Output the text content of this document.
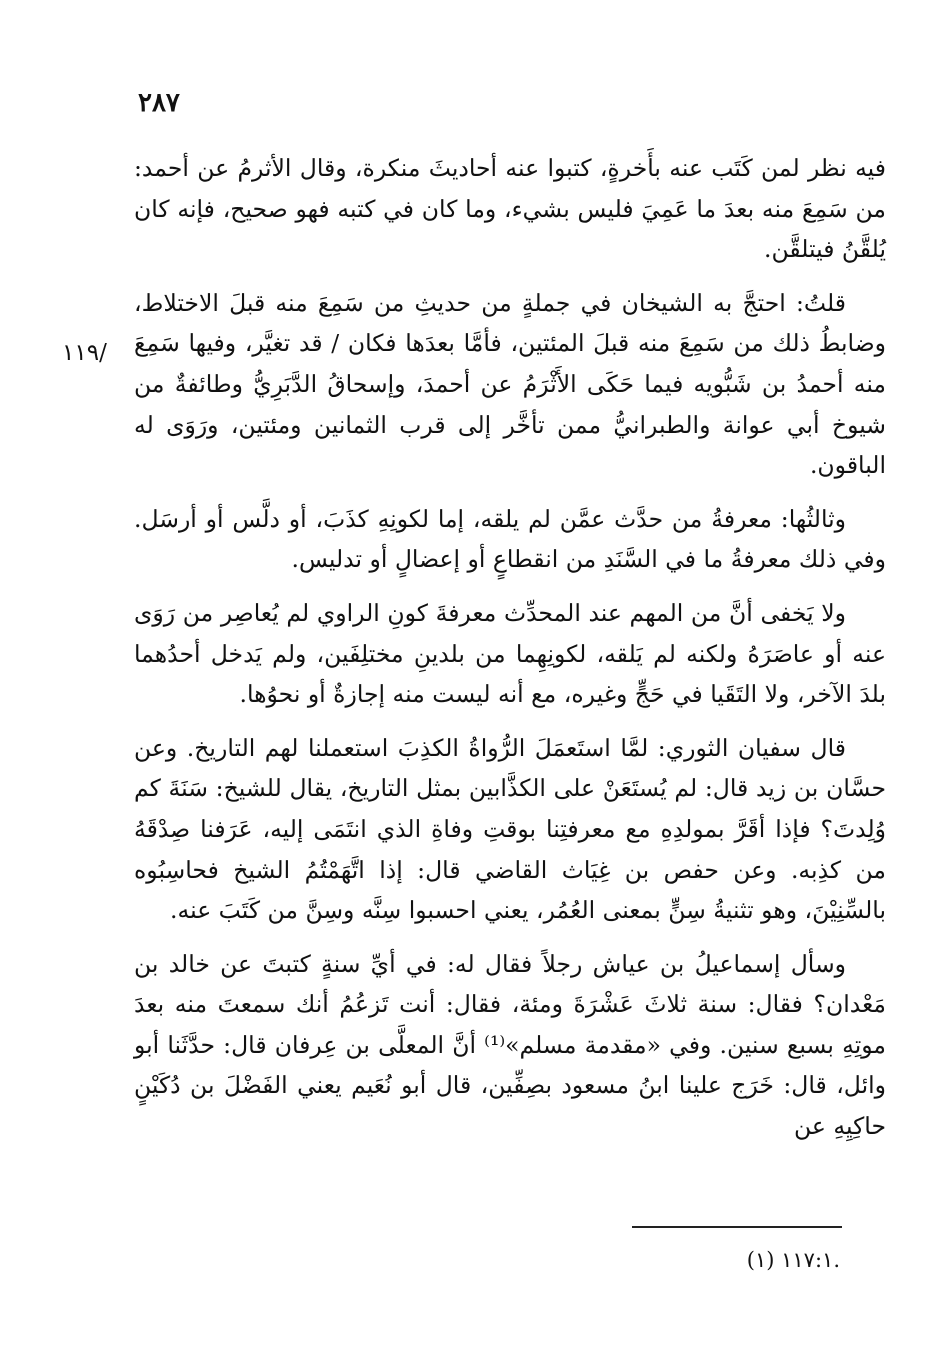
٢٨٧
/١١٩

فيه نظر لمن كَتَب عنه بأَخرةٍ، كتبوا عنه أحاديثَ منكرة، وقال الأثرمُ عن أحمد: من سَمِعَ منه بعدَ ما عَمِيَ فليس بشيء، وما كان في كتبه فهو صحيح، فإنه كان يُلقَّنُ فيتلقَّن.

قلتُ: احتجَّ به الشيخان في جملةٍ من حديثِ من سَمِعَ منه قبلَ الاختلاط، وضابطُ ذلك من سَمِعَ منه قبلَ المئتين، فأمَّا بعدَها فكان / قد تغيَّر، وفيها سَمِعَ منه أحمدُ بن شَبُّويه فيما حَكَى الأَثْرَمُ عن أحمدَ، وإسحاقُ الدَّبَرِيُّ وطائفةٌ من شيوخ أبي عوانة والطبرانيُّ ممن تأخَّر إلى قرب الثمانين ومئتين، ورَوَى له الباقون.

وثالثُها: معرفةُ من حدَّث عمَّن لم يلقه، إما لكونِهِ كذَبَ، أو دلَّس أو أرسَل. وفي ذلك معرفةُ ما في السَّنَدِ من انقطاعٍ أو إعضالٍ أو تدليس.

ولا يَخفى أنَّ من المهم عند المحدِّث معرفةَ كونِ الراوي لم يُعاصِر من رَوَى عنه أو عاصَرَهُ ولكنه لم يَلقه، لكونِهِما من بلدينِ مختلِفَين، ولم يَدخل أحدُهما بلدَ الآخر، ولا التَقَيا في حَجٍّ وغيره، مع أنه ليست منه إجازةٌ أو نحوُها.

قال سفيان الثوري: لمَّا استَعمَلَ الرُّواةُ الكذِبَ استعملنا لهم التاريخ. وعن حسَّان بن زيد قال: لم يُستَعَنْ على الكذَّابين بمثل التاريخ، يقال للشيخ: سَنَةَ كم وُلِدتَ؟ فإذا أقَرَّ بمولدِهِ مع معرفتِنا بوقتِ وفاةِ الذي انتَمَى إليه، عَرَفنا صِدْقَهُ من كذِبه. وعن حفص بن غِيَاث القاضي قال: إذا اتَّهَمْتُمُ الشيخ فحاسِبُوه بالسِّنِيْنَ، وهو تثنيةُ سِنٍّ بمعنى العُمُر، يعني احسبوا سِنَّه وسِنَّ من كَتَبَ عنه.

وسأل إسماعيلُ بن عياش رجلاً فقال له: في أيِّ سنةٍ كتبتَ عن خالد بن مَعْدان؟ فقال: سنة ثلاثَ عَشْرَةَ ومئة، فقال: أنت تَزعُمُ أنك سمعتَ منه بعدَ موتِهِ بسبع سنين. وفي «مقدمة مسلم»⁽¹⁾ أنَّ المعلَّى بن عِرفان قال: حدَّثَنا أبو وائل، قال: خَرَج علينا ابنُ مسعود بصِفِّين، قال أبو نُعَيم يعني الفَضْلَ بن دُكَيْنٍ حاكِيِهِ عن

.١١٧:١ (١)
